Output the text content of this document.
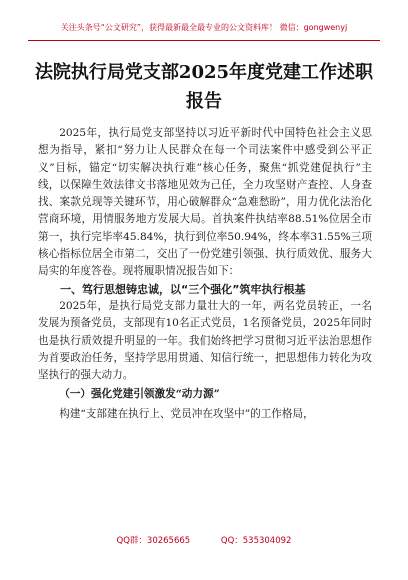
关注头条号“公文研究”，获得最新最全最专业的公文资料库！ 微信：gongwenyj
法院执行局党支部2025年度党建工作述职报告

2025年，执行局党支部坚持以习近平新时代中国特色社会主义思想为指导，紧扣“努力让人民群众在每一个司法案件中感受到公平正义”目标，锚定“切实解决执行难”核心任务，聚焦“抓党建促执行”主线，以保障生效法律文书落地见效为己任，全力攻坚财产查控、人身查找、案款兑现等关键环节，用心破解群众“急难愁盼”，用力优化法治化营商环境，用情服务地方发展大局。首执案件执结率88.51%位居全市第一，执行完毕率45.84%，执行到位率50.94%，终本率31.55%三项核心指标位居全市第二，交出了一份党建引领强、执行质效优、服务大局实的年度答卷。现将履职情况报告如下：

一、笃行思想铸忠诚，以“三个强化”筑牢执行根基

2025年，是执行局党支部力量壮大的一年，两名党员转正，一名发展为预备党员，支部现有10名正式党员，1名预备党员，2025年同时也是执行质效提升明显的一年。我们始终把学习贯彻习近平法治思想作为首要政治任务，坚持学思用贯通、知信行统一，把思想伟力转化为攻坚执行的强大动力。

（一）强化党建引领激发“动力源”

构建“支部建在执行上、党员冲在攻坚中”的工作格局，

QQ群：30265665	QQ：535304092
